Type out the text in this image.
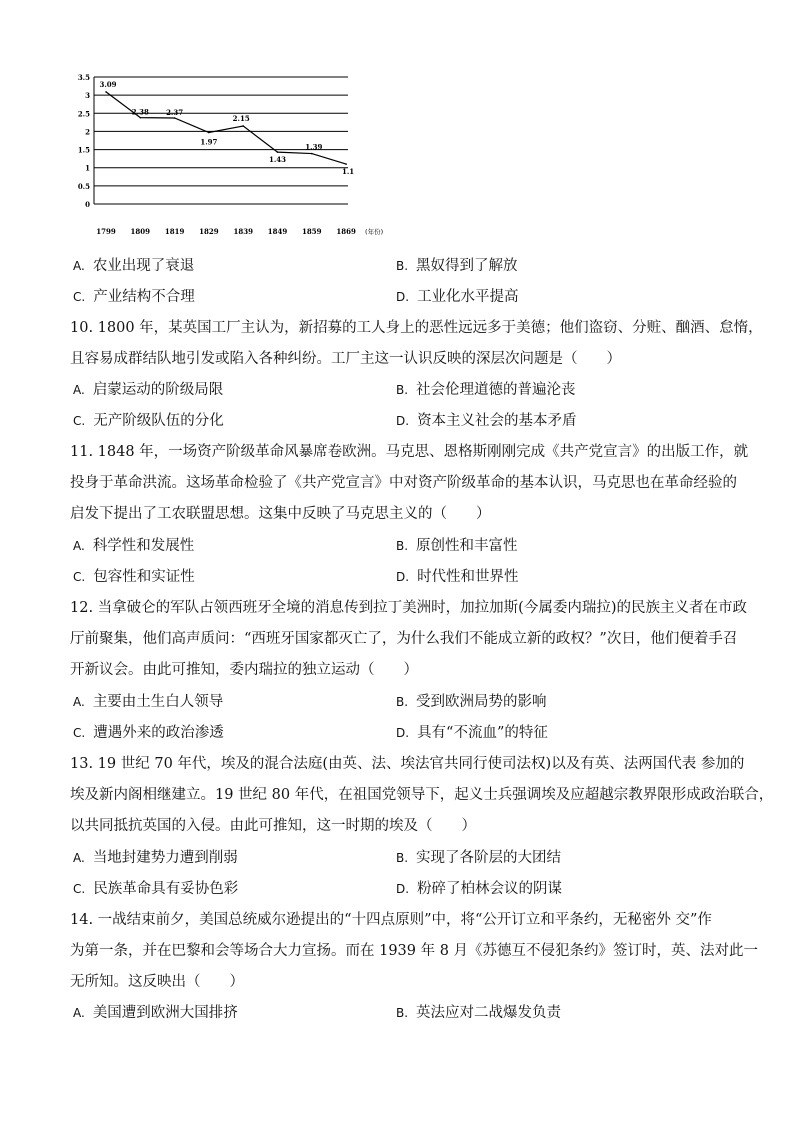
3.5
3
2.5
2
1.5
1
0.5
0
1799 1809 1819 1829 1839 1849 1859 1869 (年份)
3.09
2.38 2.37
1.97
2.15
1.43
1.39
1.1
A. 农业出现了衰退	B. 黑奴得到了解放
C. 产业结构不合理	D. 工业化水平提高
10. 1800 年，某英国工厂主认为，新招募的工人身上的恶性远远多于美德；他们盗窃、分赃、酗酒、怠惰，
且容易成群结队地引发或陷入各种纠纷。工厂主这一认识反映的深层次问题是（　　）
A. 启蒙运动的阶级局限	B. 社会伦理道德的普遍沦丧
C. 无产阶级队伍的分化	D. 资本主义社会的基本矛盾
11. 1848 年，一场资产阶级革命风暴席卷欧洲。马克思、恩格斯刚刚完成《共产党宣言》的出版工作，就
投身于革命洪流。这场革命检验了《共产党宣言》中对资产阶级革命的基本认识，马克思也在革命经验的
启发下提出了工农联盟思想。这集中反映了马克思主义的（　　）
A. 科学性和发展性	B. 原创性和丰富性
C. 包容性和实证性	D. 时代性和世界性
12. 当拿破仑的军队占领西班牙全境的消息传到拉丁美洲时，加拉加斯(今属委内瑞拉)的民族主义者在市政
厅前聚集，他们高声质问：“西班牙国家都灭亡了，为什么我们不能成立新的政权？”次日，他们便着手召
开新议会。由此可推知，委内瑞拉的独立运动（　　）
A. 主要由土生白人领导	B. 受到欧洲局势的影响
C. 遭遇外来的政治渗透	D. 具有“不流血”的特征
13. 19 世纪 70 年代，埃及的混合法庭(由英、法、埃法官共同行使司法权)以及有英、法两国代表 参加的
埃及新内阁相继建立。19 世纪 80 年代，在祖国党领导下，起义士兵强调埃及应超越宗教界限形成政治联合，
以共同抵抗英国的入侵。由此可推知，这一时期的埃及（　　）
A. 当地封建势力遭到削弱	B. 实现了各阶层的大团结
C. 民族革命具有妥协色彩	D. 粉碎了柏林会议的阴谋
14. 一战结束前夕，美国总统威尔逊提出的“十四点原则”中，将“公开订立和平条约，无秘密外 交”作
为第一条，并在巴黎和会等场合大力宣扬。而在 1939 年 8 月《苏德互不侵犯条约》签订时，英、法对此一
无所知。这反映出（　　）
A. 美国遭到欧洲大国排挤	B. 英法应对二战爆发负责
